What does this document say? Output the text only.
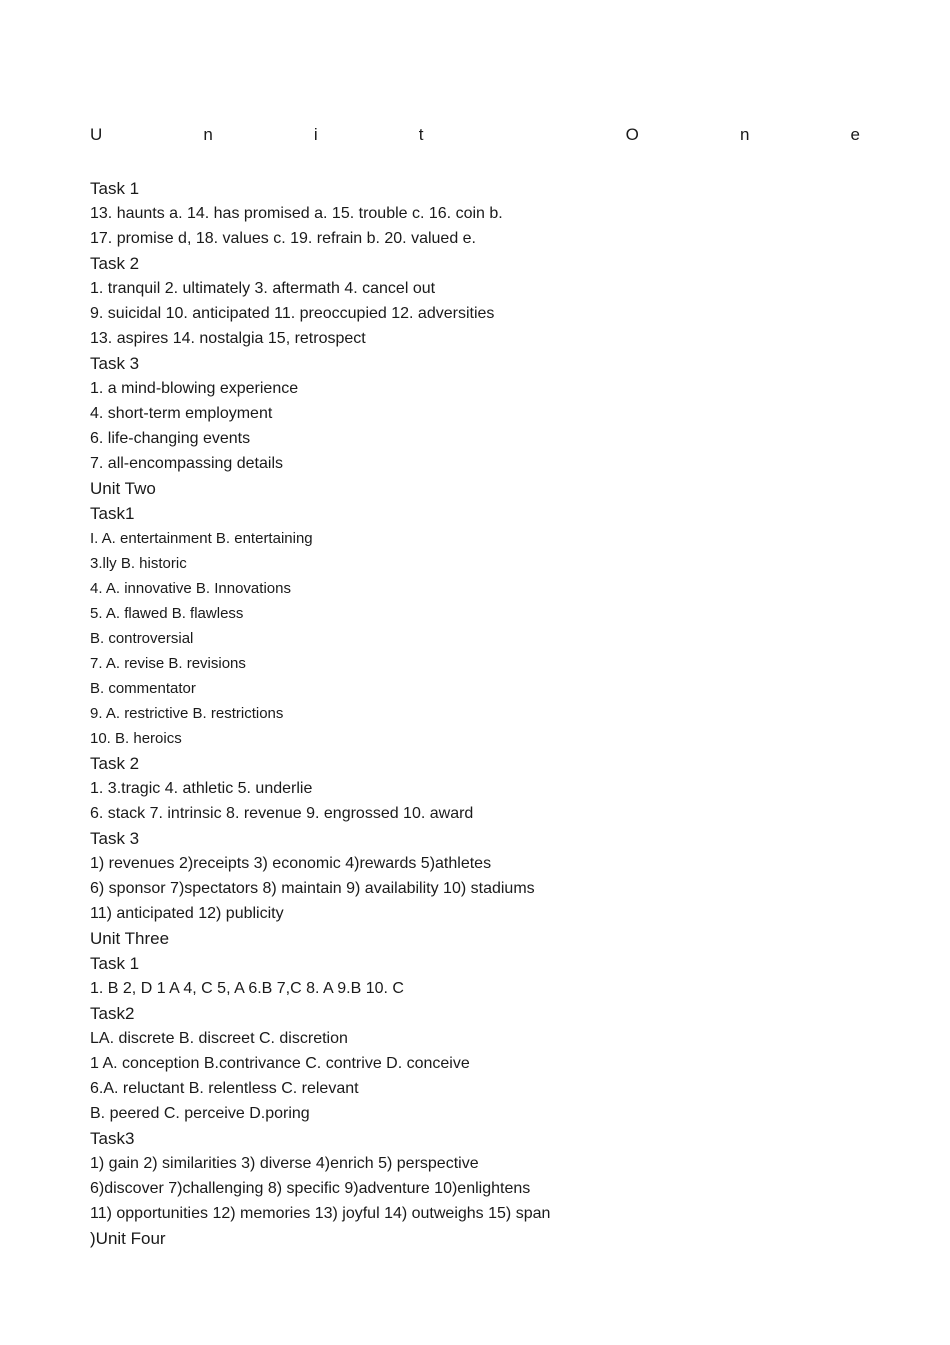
U	n	i	t	O	n	e
Task 1
13. haunts a. 14. has promised a. 15. trouble c. 16. coin b.
17. promise d, 18. values c. 19. refrain b. 20. valued e.
Task 2
1. tranquil 2. ultimately 3. aftermath 4. cancel out
9. suicidal 10. anticipated 11. preoccupied 12. adversities
13. aspires 14. nostalgia 15, retrospect
Task 3
1. a mind-blowing experience
4. short-term employment
6. life-changing events
7. all-encompassing details
Unit Two
Task1
I. A. entertainment B. entertaining
3.lly B. historic
4. A. innovative B. Innovations
5. A. flawed B. flawless
B. controversial
7. A. revise B. revisions
B. commentator
9. A. restrictive B. restrictions
10. B. heroics
Task 2
1. 3.tragic 4. athletic 5. underlie
6. stack 7. intrinsic 8. revenue 9. engrossed 10. award
Task 3
1) revenues 2)receipts 3) economic 4)rewards 5)athletes
6) sponsor 7)spectators 8) maintain 9) availability 10) stadiums
11) anticipated 12) publicity
Unit Three
Task 1
1. B 2, D 1 A 4, C 5, A 6.B 7,C 8. A 9.B 10. C
Task2
LA. discrete B. discreet C. discretion
1 A. conception B.contrivance C. contrive D. conceive
6.A. reluctant B. relentless C. relevant
B. peered C. perceive D.poring
Task3
1) gain 2) similarities 3) diverse 4)enrich 5) perspective
6)discover 7)challenging 8) specific 9)adventure 10)enlightens
11) opportunities 12) memories 13) joyful 14) outweighs 15) span
)Unit Four
